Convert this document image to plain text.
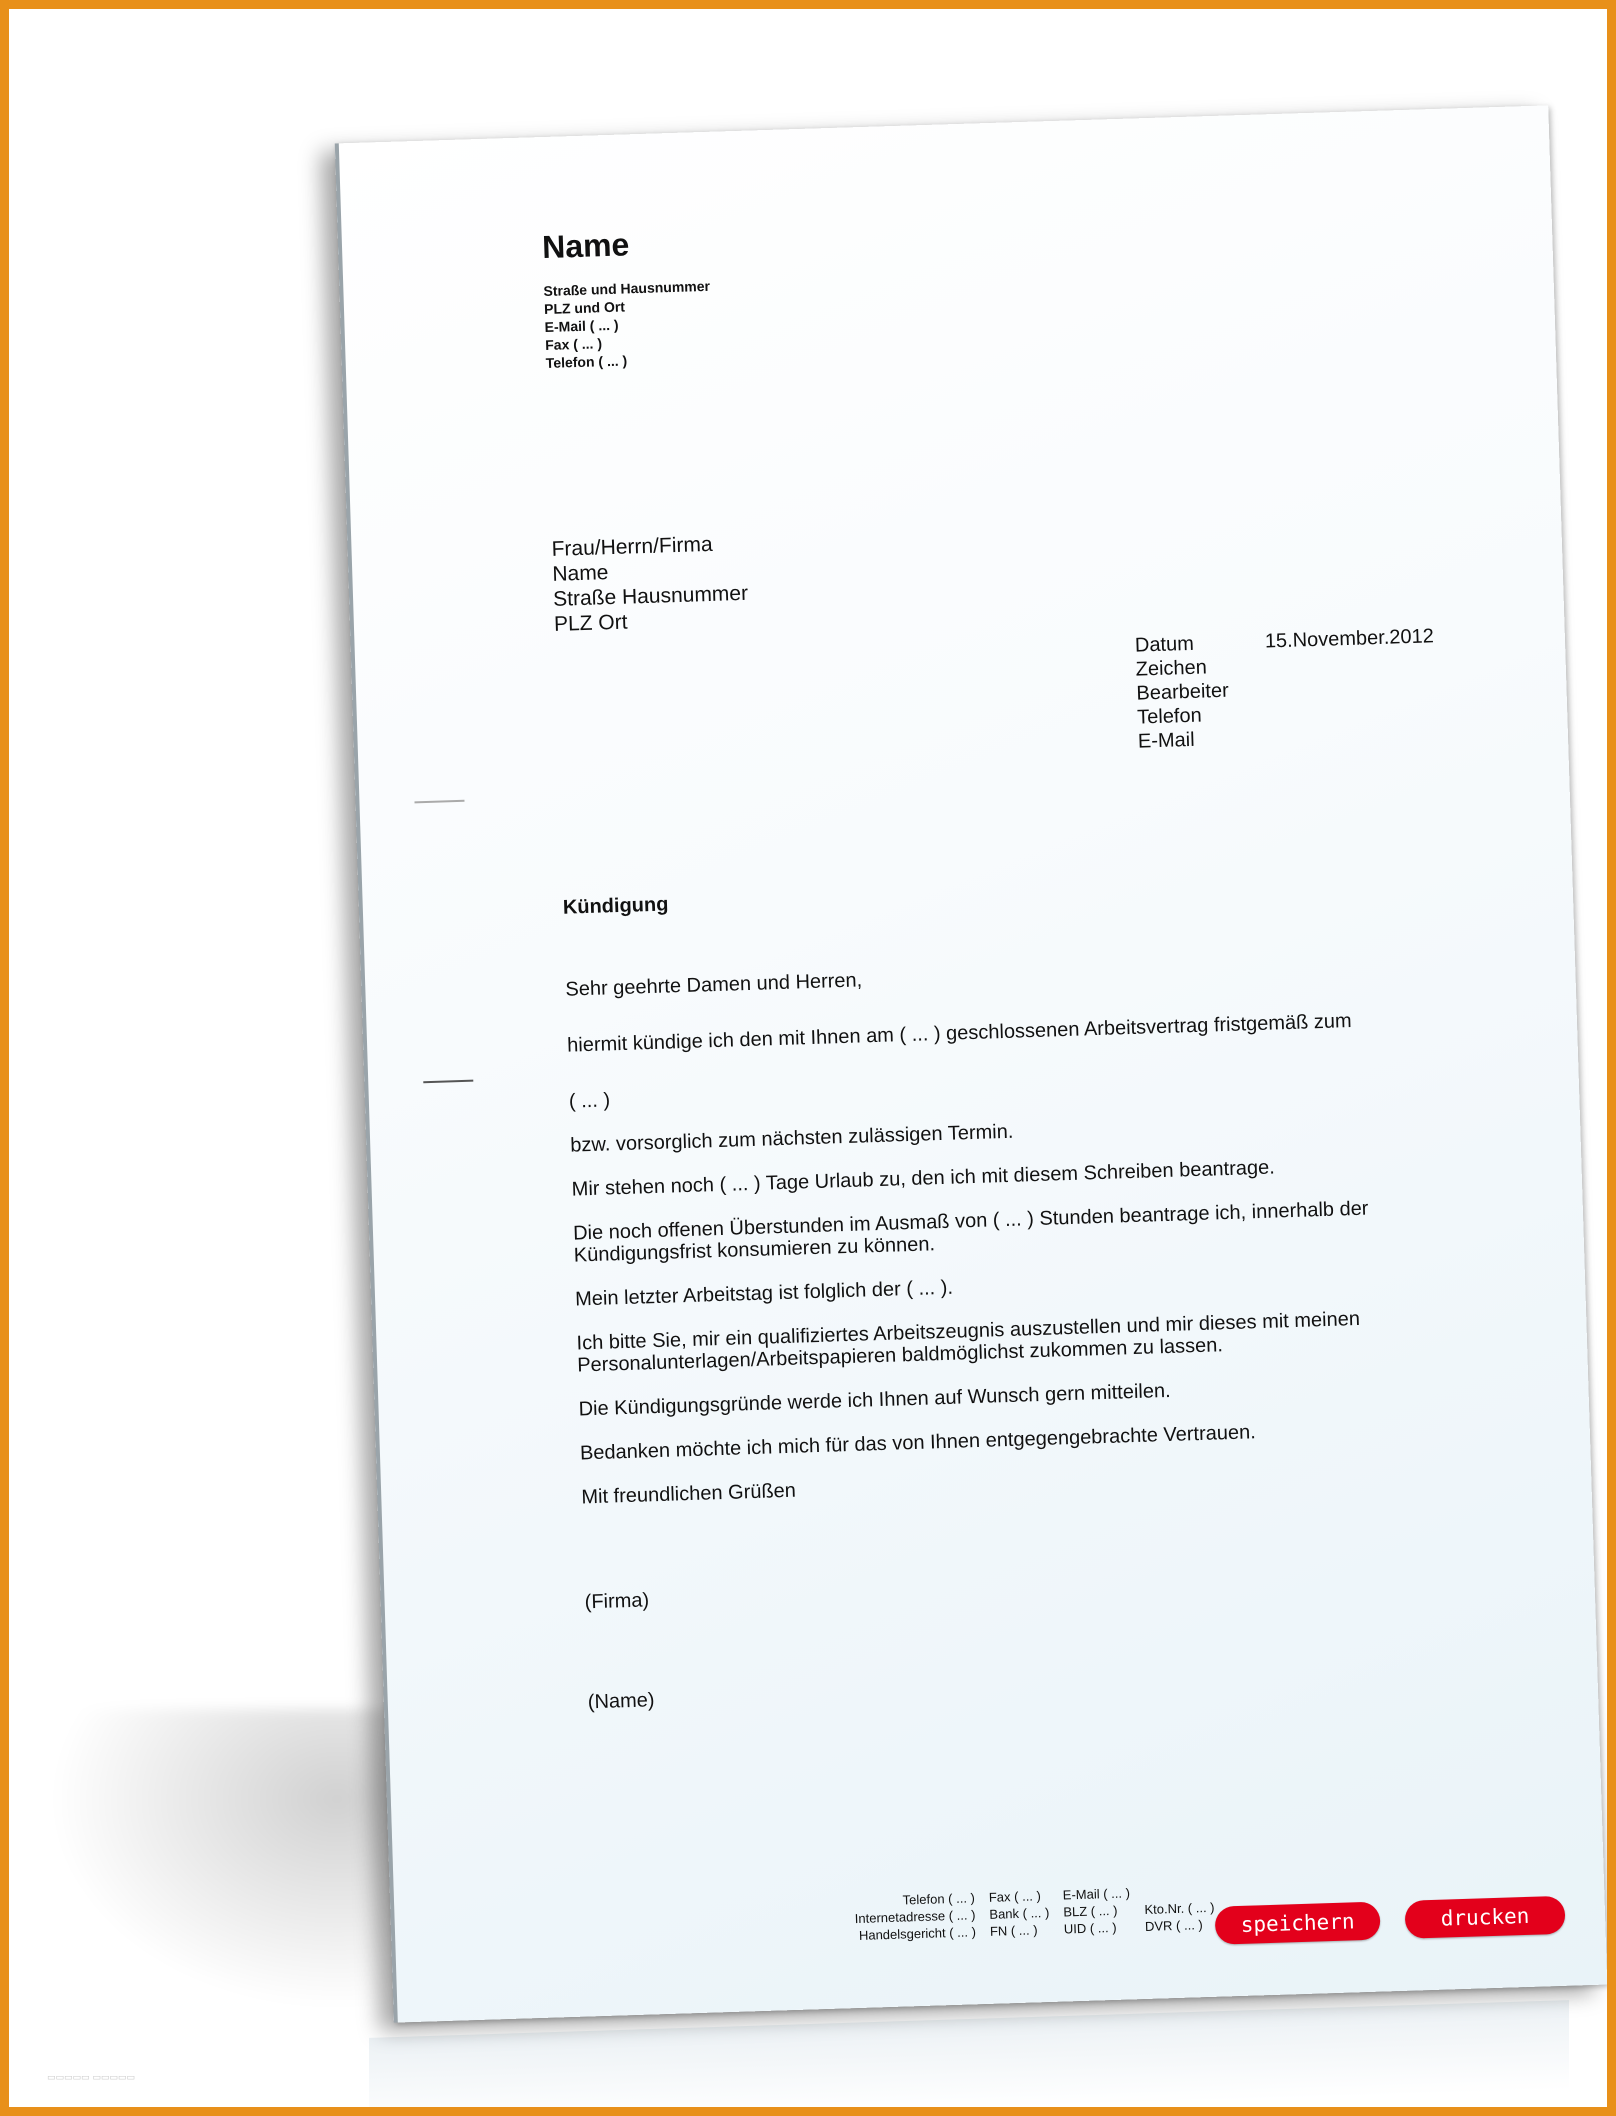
Name
Straße und Hausnummer
PLZ und Ort
E-Mail ( ... )
Fax ( ... )
Telefon ( ... )
Frau/Herrn/Firma
Name
Straße Hausnummer
PLZ Ort
Datum	15.November.2012
Zeichen
Bearbeiter
Telefon
E-Mail
Kündigung

Sehr geehrte Damen und Herren,

hiermit kündige ich den mit Ihnen am ( ... ) geschlossenen Arbeitsvertrag fristgemäß zum

( ... )

bzw. vorsorglich zum nächsten zulässigen Termin.

Mir stehen noch ( ... ) Tage Urlaub zu, den ich mit diesem Schreiben beantrage.

Die noch offenen Überstunden im Ausmaß von ( ... ) Stunden beantrage ich, innerhalb der Kündigungsfrist konsumieren zu können.

Mein letzter Arbeitstag ist folglich der ( ... ).

Ich bitte Sie, mir ein qualifiziertes Arbeitszeugnis auszustellen und mir dieses mit meinen Personalunterlagen/Arbeitspapieren baldmöglichst zukommen zu lassen.

Die Kündigungsgründe werde ich Ihnen auf Wunsch gern mitteilen.

Bedanken möchte ich mich für das von Ihnen entgegengebrachte Vertrauen.

Mit freundlichen Grüßen

(Firma)
(Name)
Telefon ( ... )
Internetadresse ( ... )
Handelsgericht ( ... )
Fax ( ... )
Bank ( ... )
FN ( ... )
E-Mail ( ... )
BLZ ( ... )
UID ( ... )

Kto.Nr. ( ... )
DVR ( ... )	speichern	drucken
▭▭▭▭▭ ▭▭▭▭▭
